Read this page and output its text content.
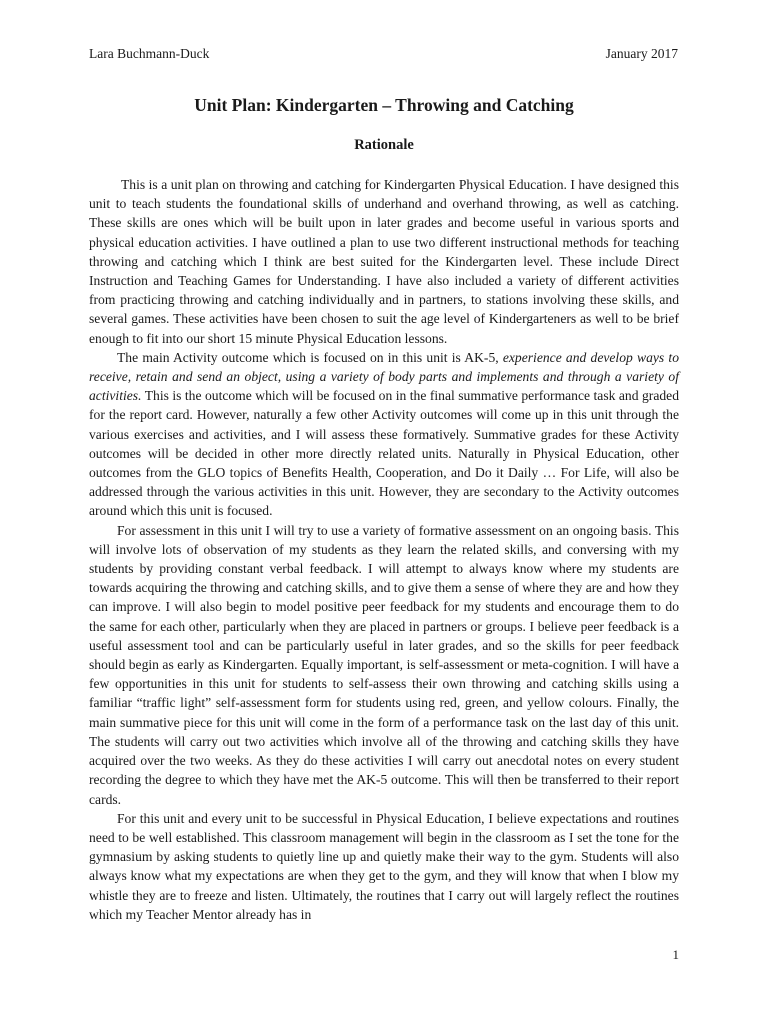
Lara Buchmann-Duck	January 2017
Unit Plan: Kindergarten – Throwing and Catching
Rationale

This is a unit plan on throwing and catching for Kindergarten Physical Education. I have designed this unit to teach students the foundational skills of underhand and overhand throwing, as well as catching. These skills are ones which will be built upon in later grades and become useful in various sports and physical education activities. I have outlined a plan to use two different instructional methods for teaching throwing and catching which I think are best suited for the Kindergarten level. These include Direct Instruction and Teaching Games for Understanding. I have also included a variety of different activities from practicing throwing and catching individually and in partners, to stations involving these skills, and several games. These activities have been chosen to suit the age level of Kindergarteners as well to be brief enough to fit into our short 15 minute Physical Education lessons.

The main Activity outcome which is focused on in this unit is AK-5, experience and develop ways to receive, retain and send an object, using a variety of body parts and implements and through a variety of activities. This is the outcome which will be focused on in the final summative performance task and graded for the report card. However, naturally a few other Activity outcomes will come up in this unit through the various exercises and activities, and I will assess these formatively. Summative grades for these Activity outcomes will be decided in other more directly related units. Naturally in Physical Education, other outcomes from the GLO topics of Benefits Health, Cooperation, and Do it Daily … For Life, will also be addressed through the various activities in this unit. However, they are secondary to the Activity outcomes around which this unit is focused.

For assessment in this unit I will try to use a variety of formative assessment on an ongoing basis. This will involve lots of observation of my students as they learn the related skills, and conversing with my students by providing constant verbal feedback. I will attempt to always know where my students are towards acquiring the throwing and catching skills, and to give them a sense of where they are and how they can improve. I will also begin to model positive peer feedback for my students and encourage them to do the same for each other, particularly when they are placed in partners or groups. I believe peer feedback is a useful assessment tool and can be particularly useful in later grades, and so the skills for peer feedback should begin as early as Kindergarten. Equally important, is self-assessment or meta-cognition. I will have a few opportunities in this unit for students to self-assess their own throwing and catching skills using a familiar “traffic light” self-assessment form for students using red, green, and yellow colours. Finally, the main summative piece for this unit will come in the form of a performance task on the last day of this unit. The students will carry out two activities which involve all of the throwing and catching skills they have acquired over the two weeks. As they do these activities I will carry out anecdotal notes on every student recording the degree to which they have met the AK-5 outcome. This will then be transferred to their report cards.

For this unit and every unit to be successful in Physical Education, I believe expectations and routines need to be well established. This classroom management will begin in the classroom as I set the tone for the gymnasium by asking students to quietly line up and quietly make their way to the gym. Students will also always know what my expectations are when they get to the gym, and they will know that when I blow my whistle they are to freeze and listen. Ultimately, the routines that I carry out will largely reflect the routines which my Teacher Mentor already has in

1
